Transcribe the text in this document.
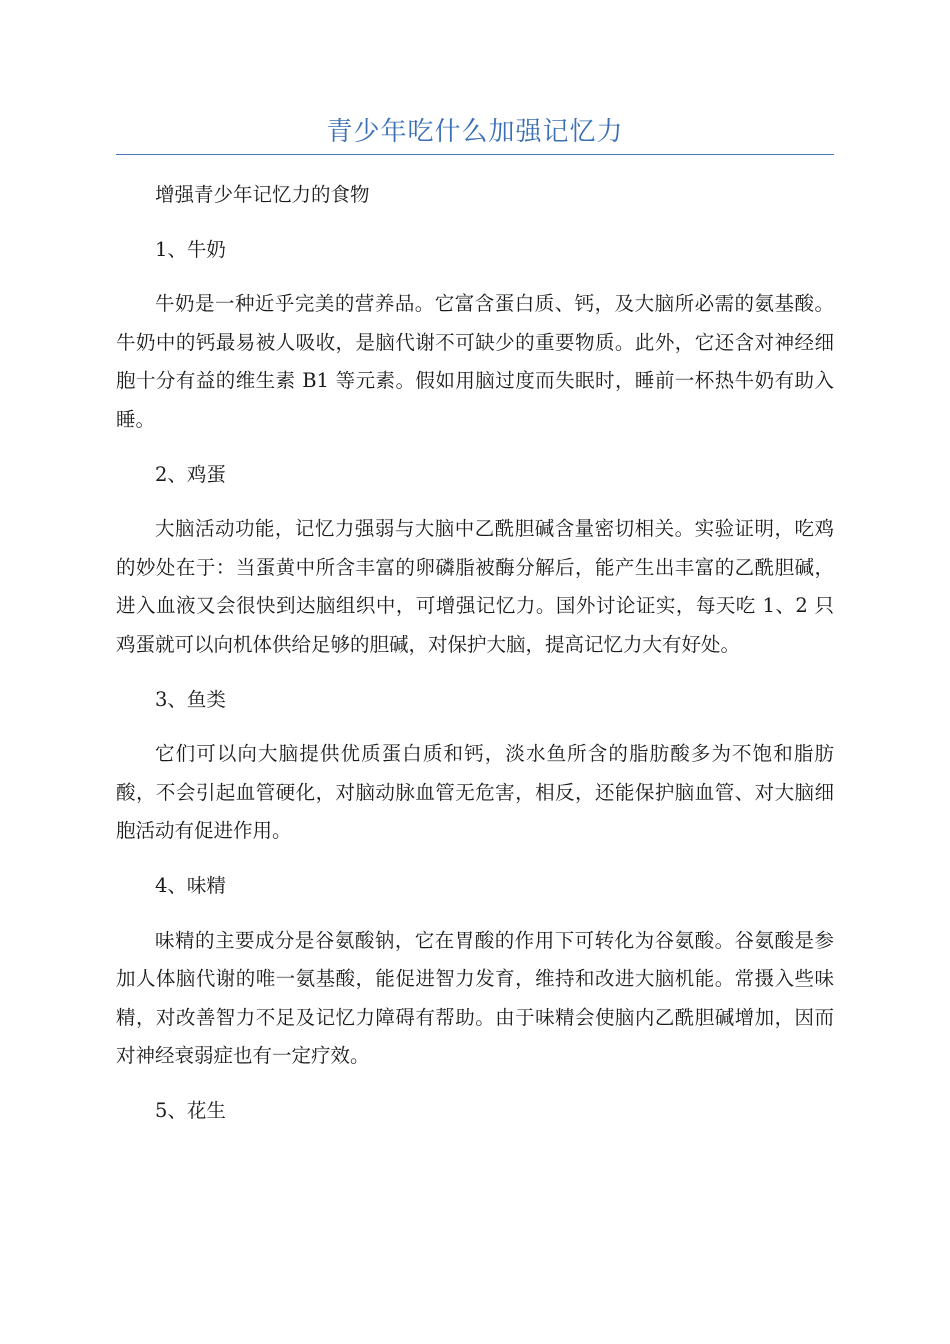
青少年吃什么加强记忆力

增强青少年记忆力的食物

1、牛奶

牛奶是一种近乎完美的营养品。它富含蛋白质、钙，及大脑所必需的氨基酸。牛奶中的钙最易被人吸收，是脑代谢不可缺少的重要物质。此外，它还含对神经细胞十分有益的维生素 B1 等元素。假如用脑过度而失眠时，睡前一杯热牛奶有助入睡。

2、鸡蛋

大脑活动功能，记忆力强弱与大脑中乙酰胆碱含量密切相关。实验证明，吃鸡的妙处在于：当蛋黄中所含丰富的卵磷脂被酶分解后，能产生出丰富的乙酰胆碱，进入血液又会很快到达脑组织中，可增强记忆力。国外讨论证实，每天吃 1、2 只鸡蛋就可以向机体供给足够的胆碱，对保护大脑，提高记忆力大有好处。

3、鱼类

它们可以向大脑提供优质蛋白质和钙，淡水鱼所含的脂肪酸多为不饱和脂肪酸，不会引起血管硬化，对脑动脉血管无危害，相反，还能保护脑血管、对大脑细胞活动有促进作用。

4、味精

味精的主要成分是谷氨酸钠，它在胃酸的作用下可转化为谷氨酸。谷氨酸是参加人体脑代谢的唯一氨基酸，能促进智力发育，维持和改进大脑机能。常摄入些味精，对改善智力不足及记忆力障碍有帮助。由于味精会使脑内乙酰胆碱增加，因而对神经衰弱症也有一定疗效。

5、花生
